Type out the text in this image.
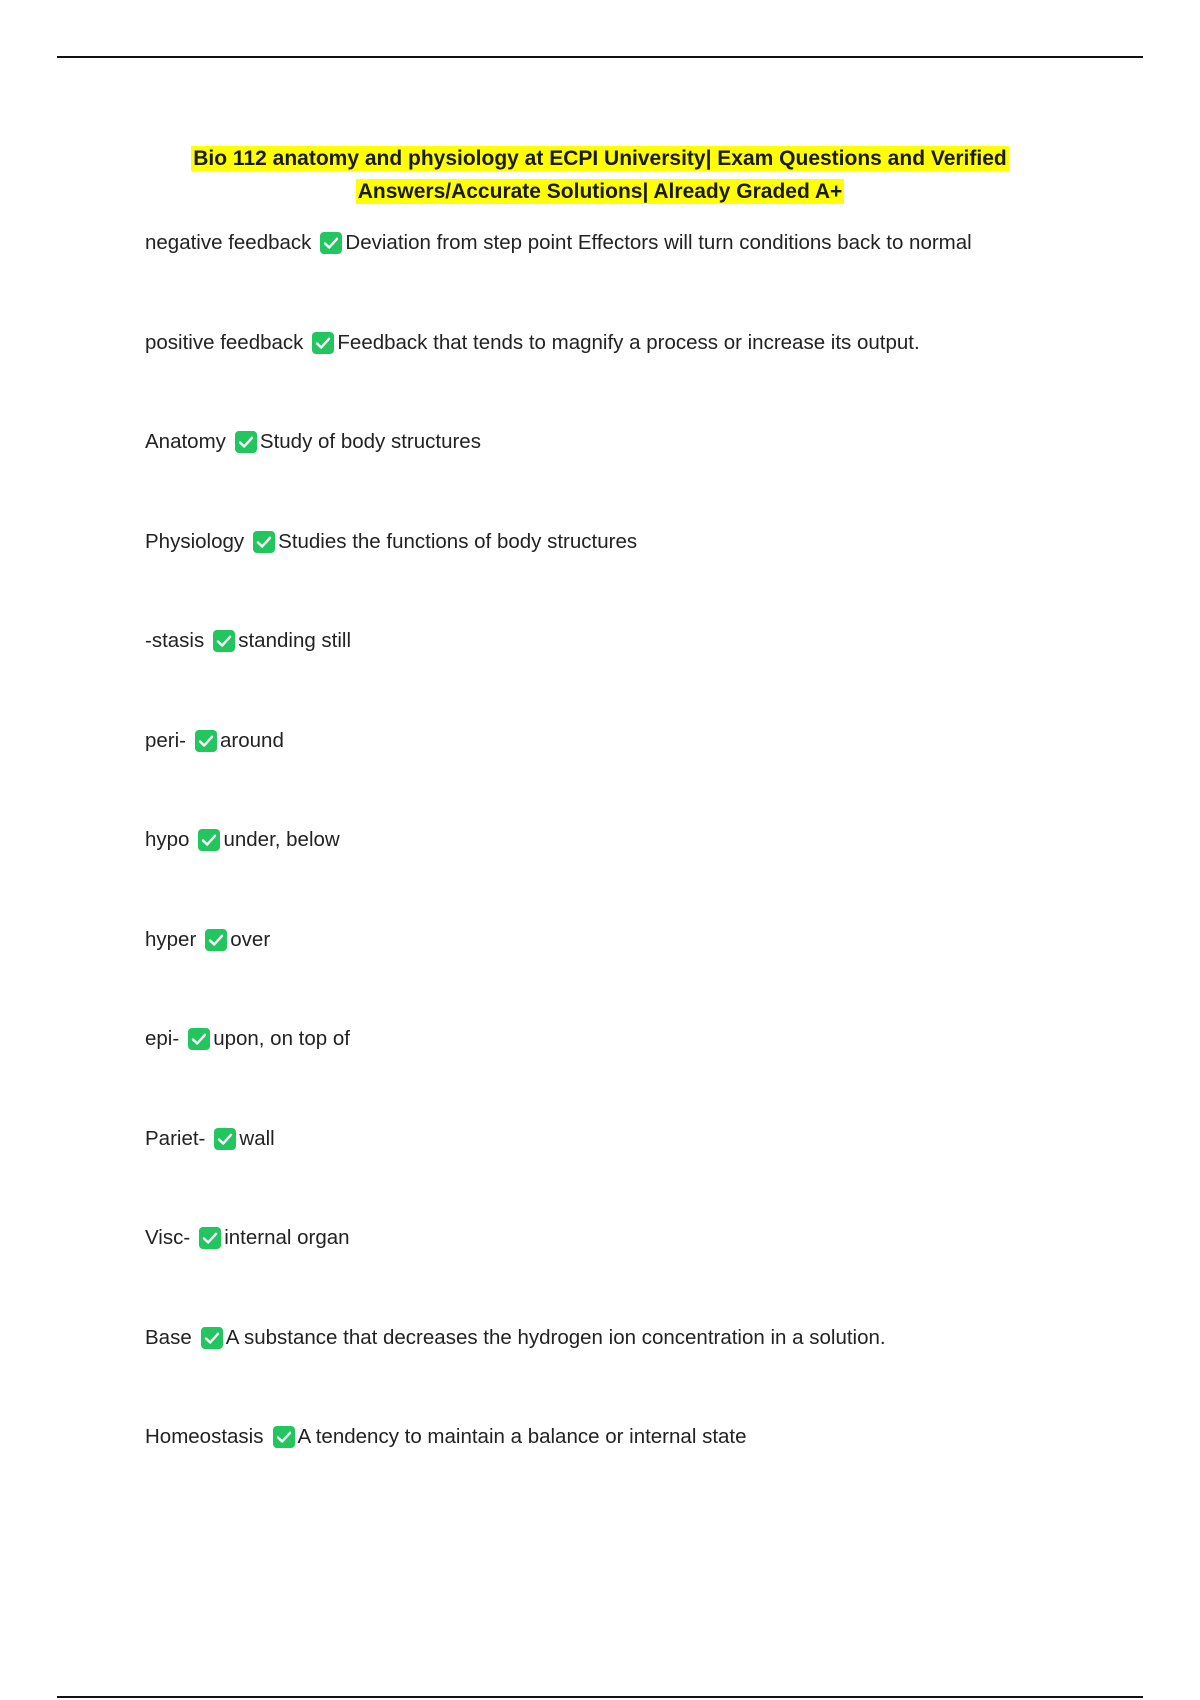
Bio 112 anatomy and physiology at ECPI University| Exam Questions and Verified
Answers/Accurate Solutions| Already Graded A+
negative feedback Deviation from step point Effectors will turn conditions back to normal
positive feedback Feedback that tends to magnify a process or increase its output.
Anatomy Study of body structures
Physiology Studies the functions of body structures
-stasis standing still
peri- around
hypo under, below
hyper over
epi- upon, on top of
Pariet- wall
Visc- internal organ
Base A substance that decreases the hydrogen ion concentration in a solution.
Homeostasis A tendency to maintain a balance or internal state
